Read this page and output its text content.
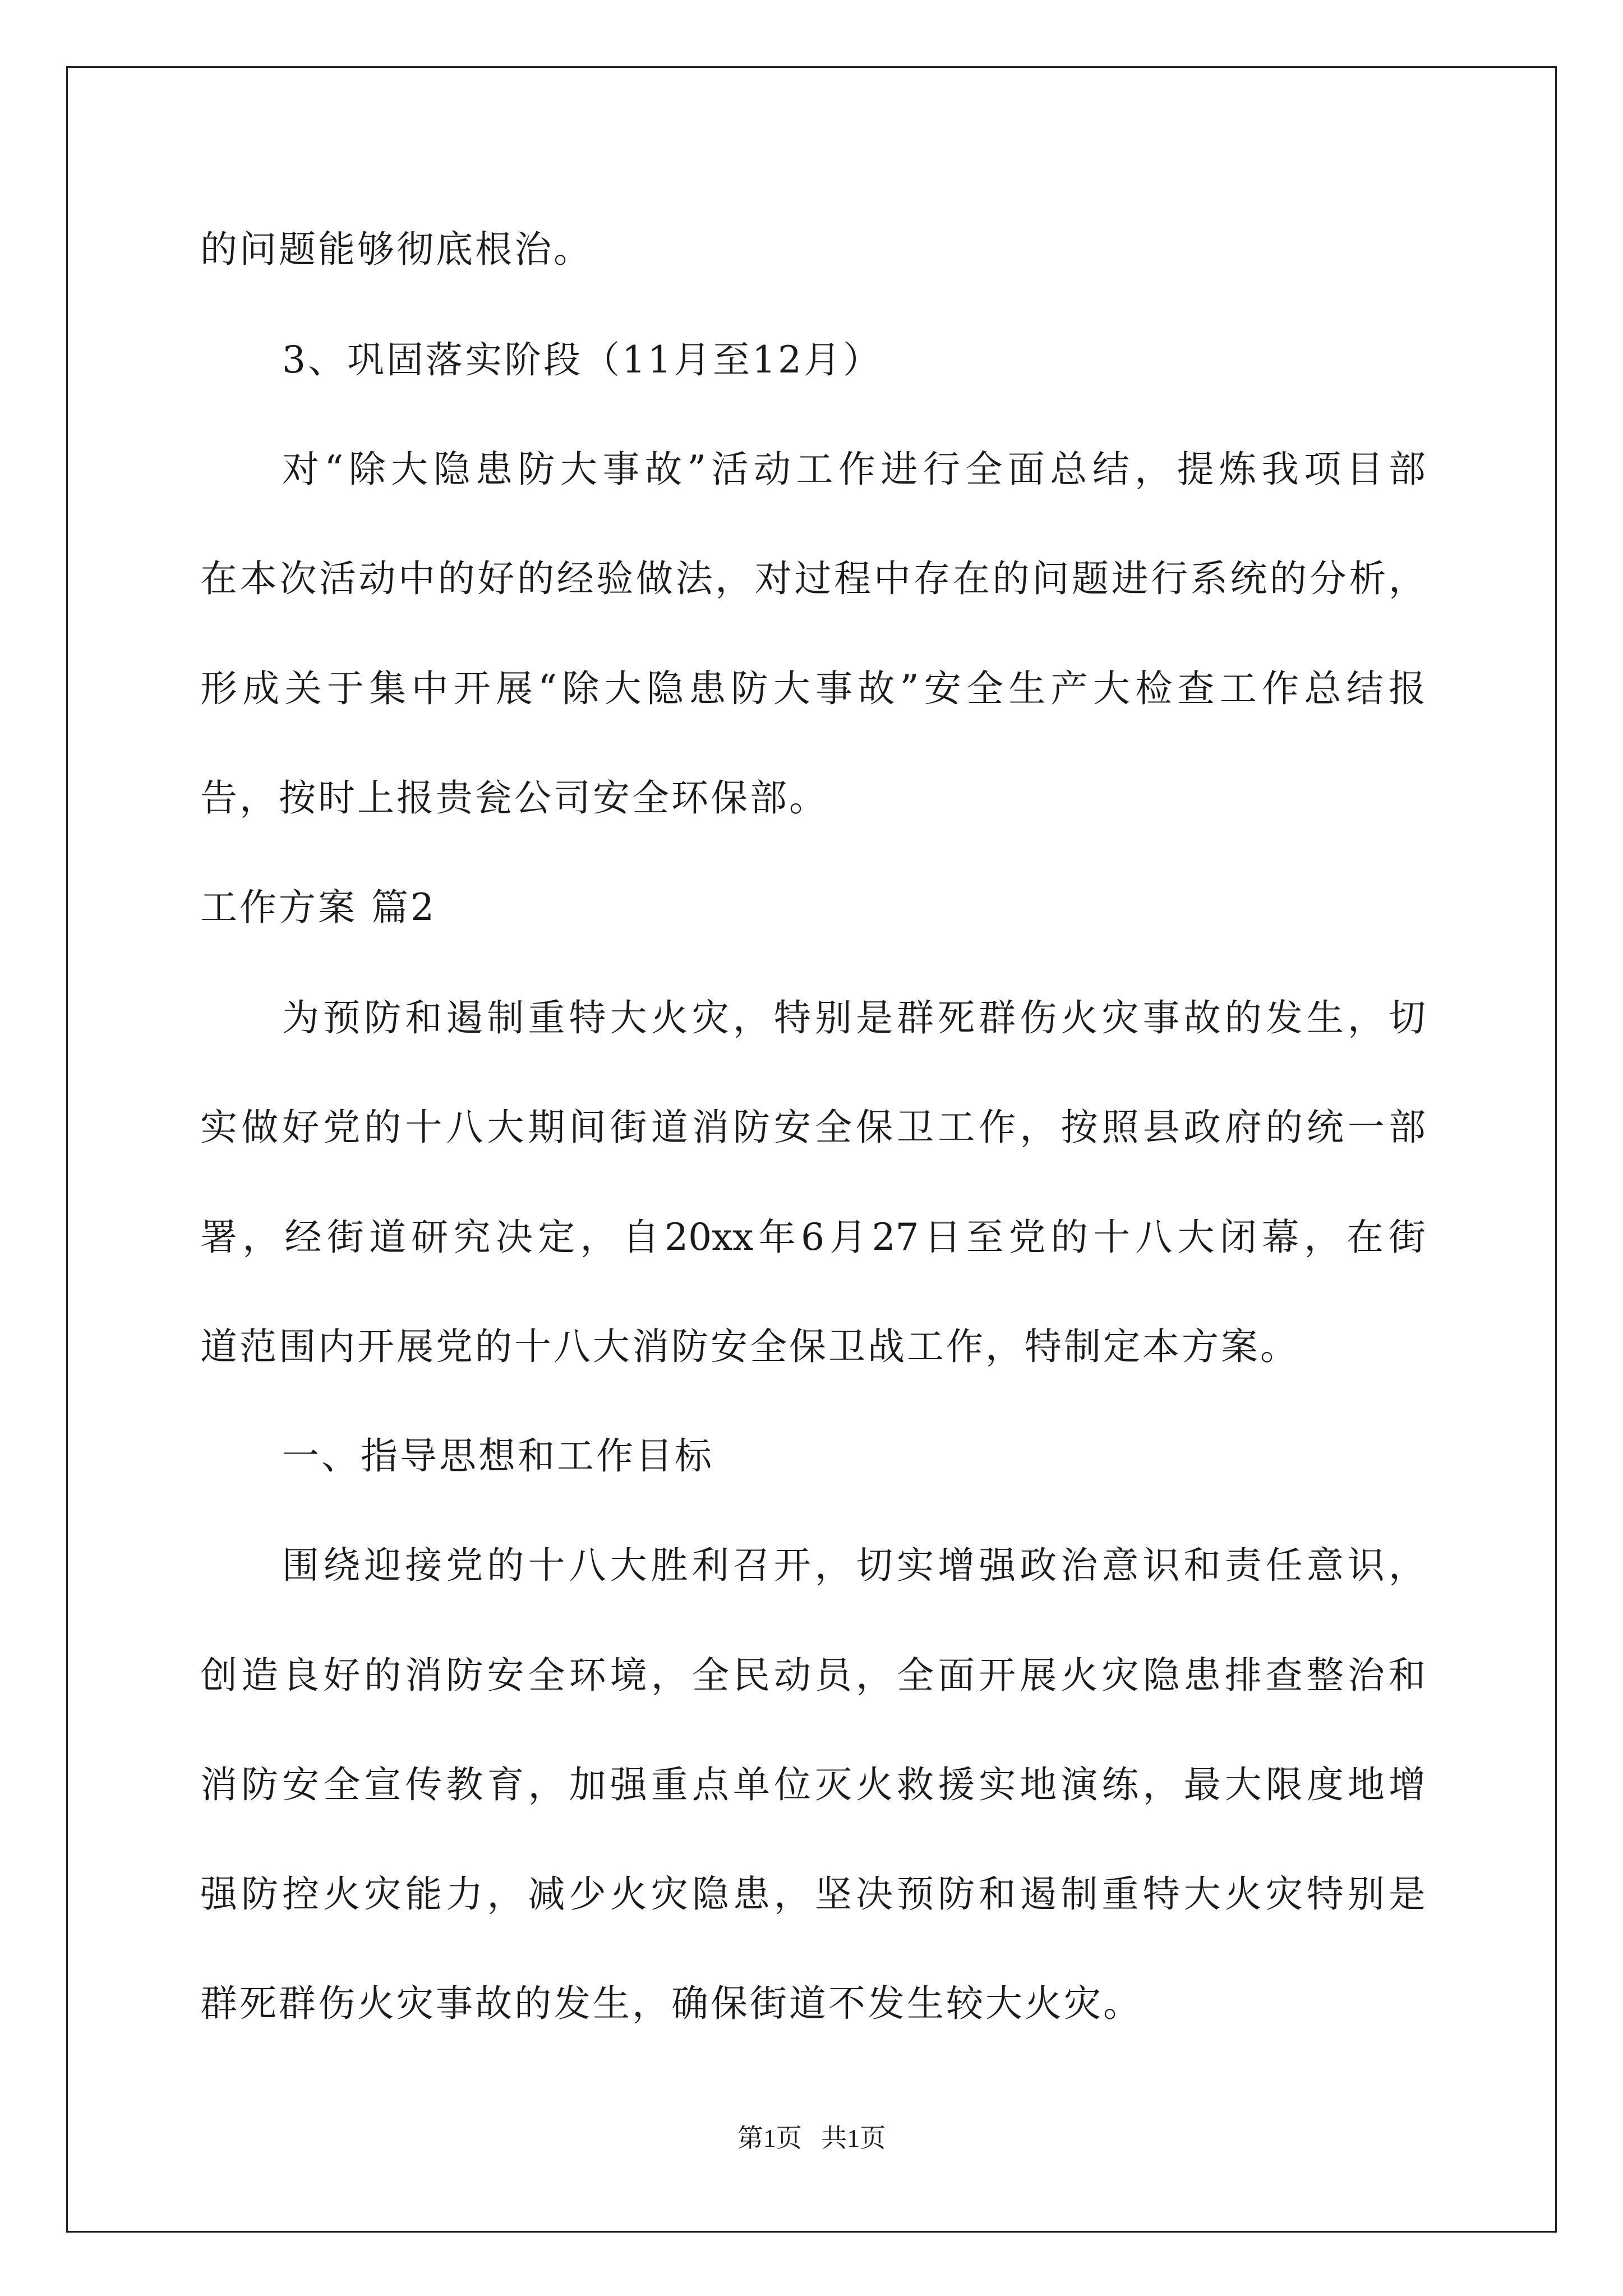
的问题能够彻底根治。
3、巩固落实阶段（11月至12月）
对“除大隐患防大事故”活动工作进行全面总结，提炼我项目部
在本次活动中的好的经验做法，对过程中存在的问题进行系统的分析，
形成关于集中开展“除大隐患防大事故”安全生产大检查工作总结报
告，按时上报贵瓮公司安全环保部。
工作方案 篇2
为预防和遏制重特大火灾，特别是群死群伤火灾事故的发生，切
实做好党的十八大期间街道消防安全保卫工作，按照县政府的统一部
署，经街道研究决定，自20xx年6月27日至党的十八大闭幕，在街
道范围内开展党的十八大消防安全保卫战工作，特制定本方案。
一、指导思想和工作目标
围绕迎接党的十八大胜利召开，切实增强政治意识和责任意识，
创造良好的消防安全环境，全民动员，全面开展火灾隐患排查整治和
消防安全宣传教育，加强重点单位灭火救援实地演练，最大限度地增
强防控火灾能力，减少火灾隐患，坚决预防和遏制重特大火灾特别是
群死群伤火灾事故的发生，确保街道不发生较大火灾。
第1页   共1页
